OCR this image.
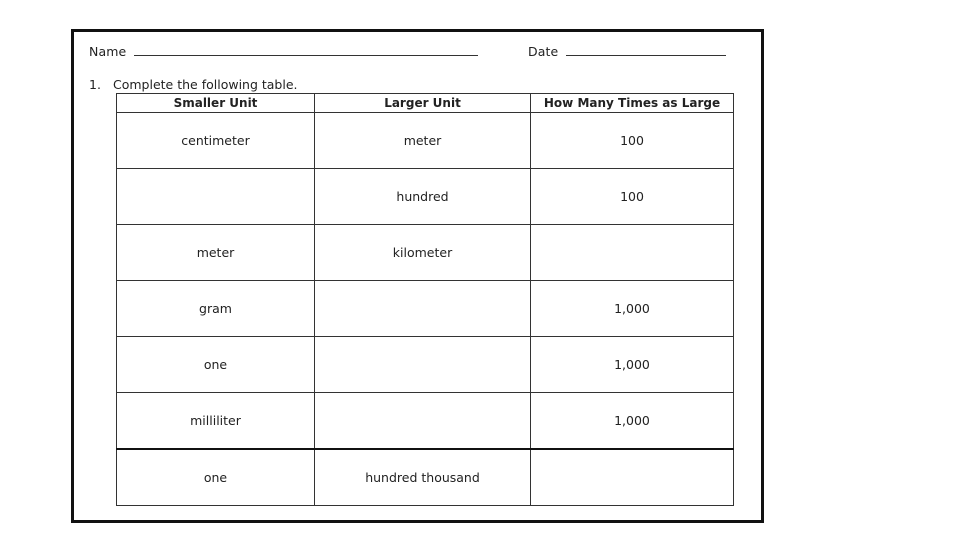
Name	Date
1. Complete the following table.
Smaller Unit	Larger Unit	How Many Times as Large
centimeter	meter	100
	hundred	100
meter	kilometer	
gram		1,000
one		1,000
milliliter		1,000
one	hundred thousand	
